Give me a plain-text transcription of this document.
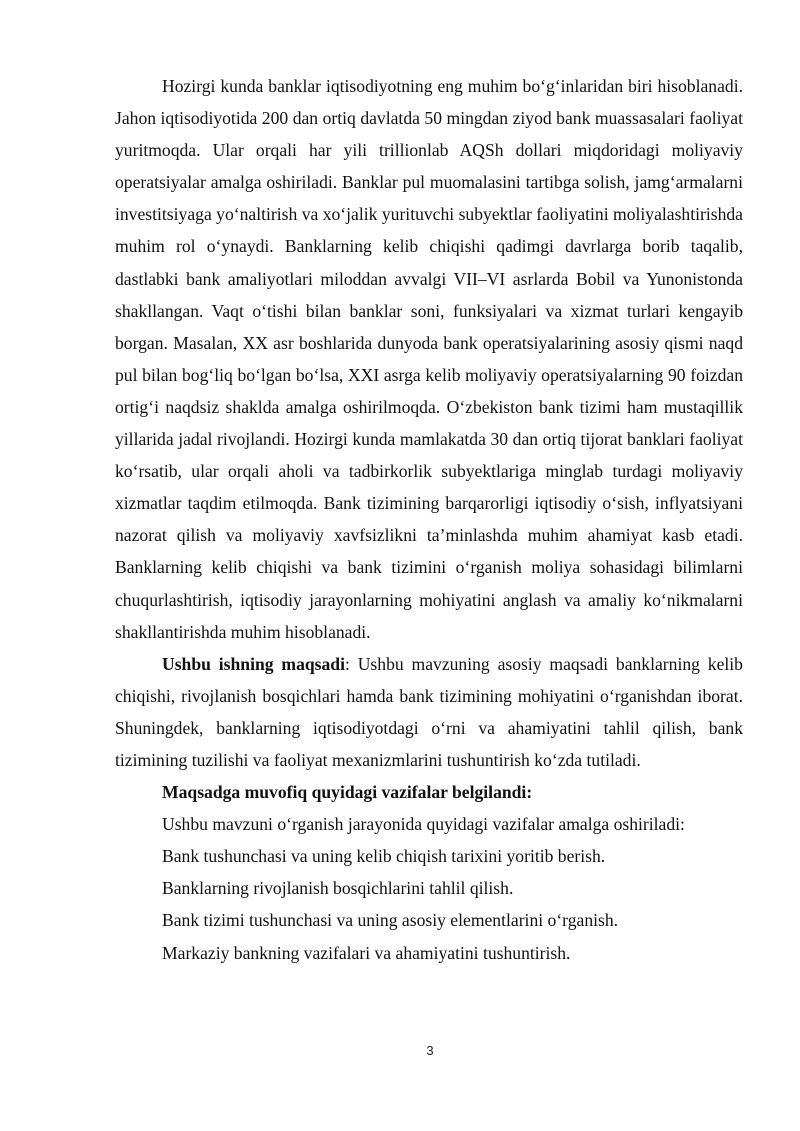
Hozirgi kunda banklar iqtisodiyotning eng muhim bo‘g‘inlaridan biri hisoblanadi. Jahon iqtisodiyotida 200 dan ortiq davlatda 50 mingdan ziyod bank muassasalari faoliyat yuritmoqda. Ular orqali har yili trillionlab AQSh dollari miqdoridagi moliyaviy operatsiyalar amalga oshiriladi. Banklar pul muomalasini tartibga solish, jamg‘armalarni investitsiyaga yo‘naltirish va xo‘jalik yurituvchi subyektlar faoliyatini moliyalashtirishda muhim rol o‘ynaydi. Banklarning kelib chiqishi qadimgi davrlarga borib taqalib, dastlabki bank amaliyotlari miloddan avvalgi VII–VI asrlarda Bobil va Yunonistonda shakllangan. Vaqt o‘tishi bilan banklar soni, funksiyalari va xizmat turlari kengayib borgan. Masalan, XX asr boshlarida dunyoda bank operatsiyalarining asosiy qismi naqd pul bilan bog‘liq bo‘lgan bo‘lsa, XXI asrga kelib moliyaviy operatsiyalarning 90 foizdan ortig‘i naqdsiz shaklda amalga oshirilmoqda. O‘zbekiston bank tizimi ham mustaqillik yillarida jadal rivojlandi. Hozirgi kunda mamlakatda 30 dan ortiq tijorat banklari faoliyat ko‘rsatib, ular orqali aholi va tadbirkorlik subyektlariga minglab turdagi moliyaviy xizmatlar taqdim etilmoqda. Bank tizimining barqarorligi iqtisodiy o‘sish, inflyatsiyani nazorat qilish va moliyaviy xavfsizlikni ta’minlashda muhim ahamiyat kasb etadi. Banklarning kelib chiqishi va bank tizimini o‘rganish moliya sohasidagi bilimlarni chuqurlashtirish, iqtisodiy jarayonlarning mohiyatini anglash va amaliy ko‘nikmalarni shakllantirishda muhim hisoblanadi.

Ushbu ishning maqsadi: Ushbu mavzuning asosiy maqsadi banklarning kelib chiqishi, rivojlanish bosqichlari hamda bank tizimining mohiyatini o‘rganishdan iborat. Shuningdek, banklarning iqtisodiyotdagi o‘rni va ahamiyatini tahlil qilish, bank tizimining tuzilishi va faoliyat mexanizmlarini tushuntirish ko‘zda tutiladi.

Maqsadga muvofiq quyidagi vazifalar belgilandi:

Ushbu mavzuni o‘rganish jarayonida quyidagi vazifalar amalga oshiriladi:

Bank tushunchasi va uning kelib chiqish tarixini yoritib berish.

Banklarning rivojlanish bosqichlarini tahlil qilish.

Bank tizimi tushunchasi va uning asosiy elementlarini o‘rganish.

Markaziy bankning vazifalari va ahamiyatini tushuntirish.

3
